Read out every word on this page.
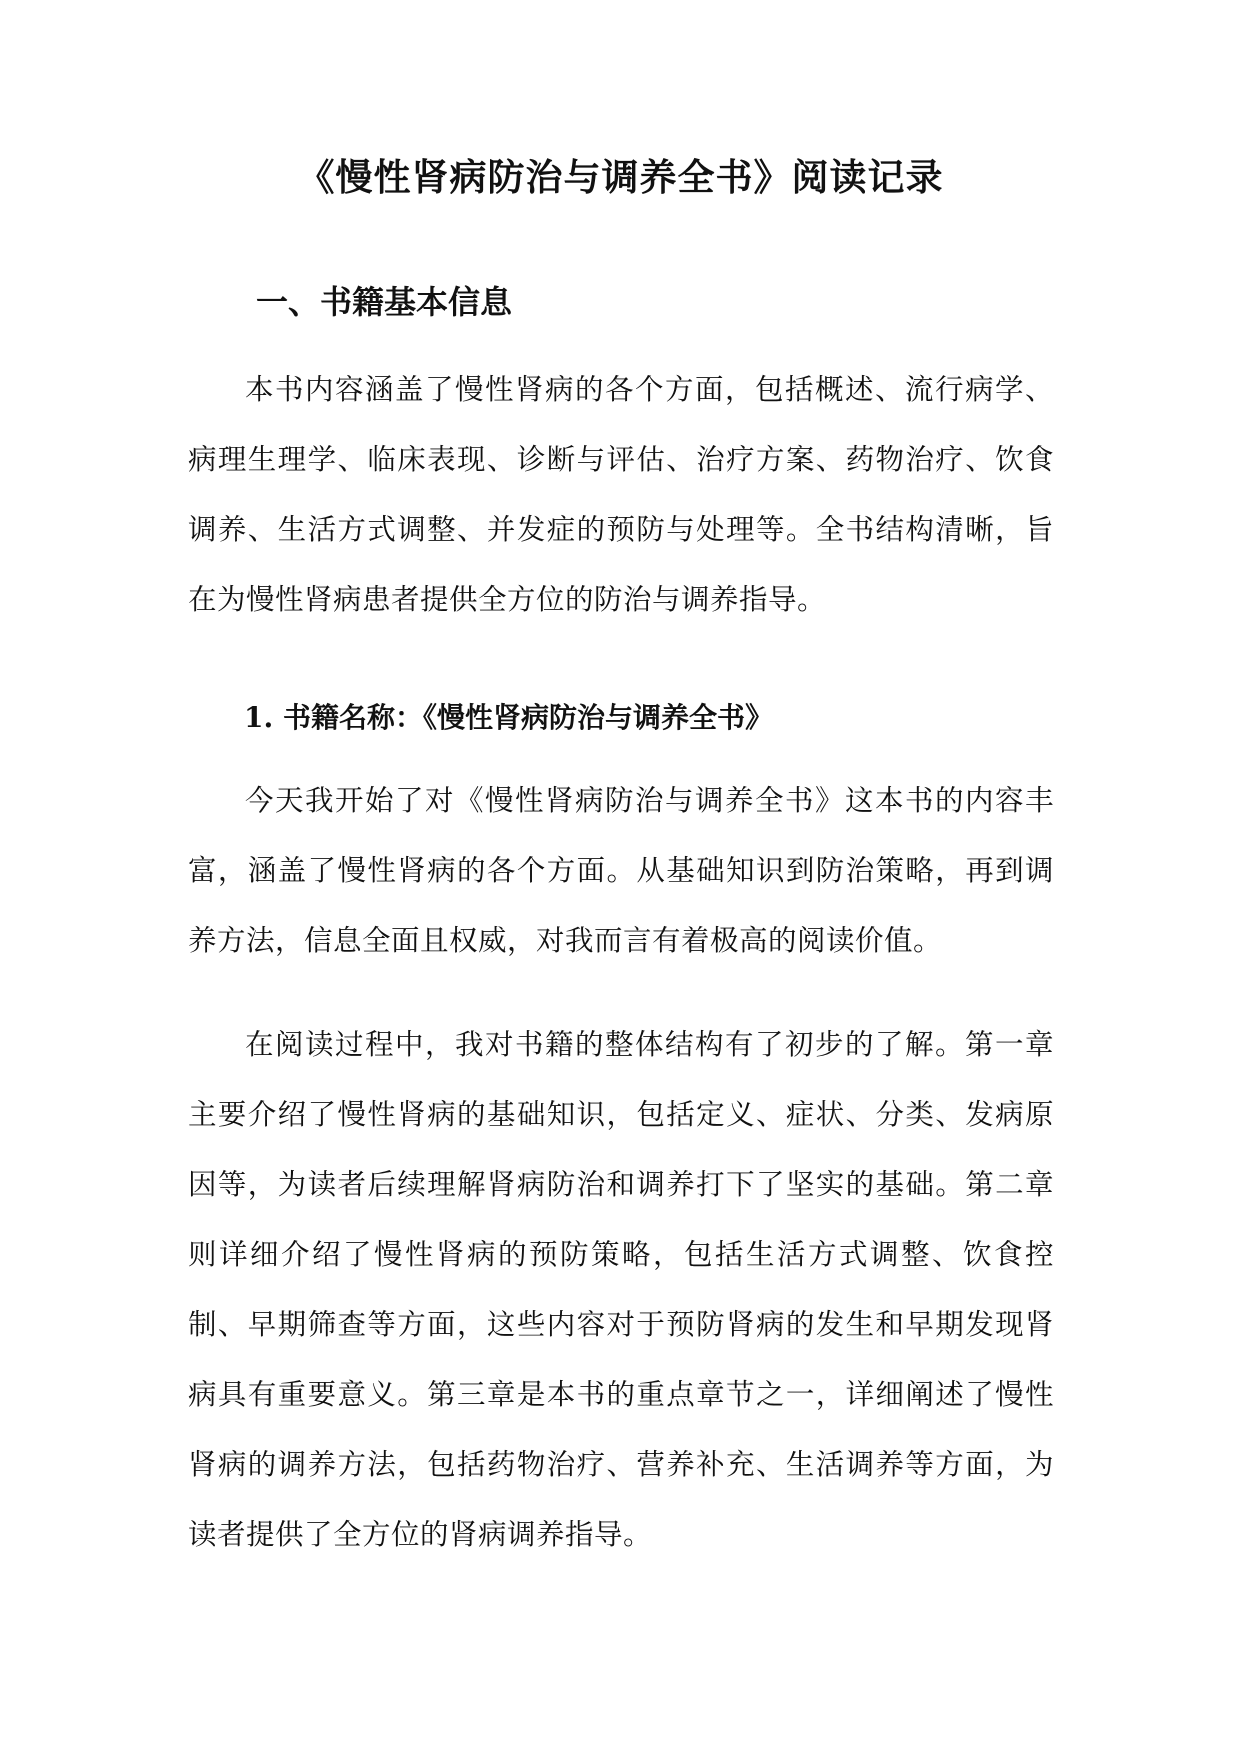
《慢性肾病防治与调养全书》阅读记录
一、书籍基本信息

本书内容涵盖了慢性肾病的各个方面，包括概述、流行病学、病理生理学、临床表现、诊断与评估、治疗方案、药物治疗、饮食调养、生活方式调整、并发症的预防与处理等。全书结构清晰，旨在为慢性肾病患者提供全方位的防治与调养指导。

1. 书籍名称：《慢性肾病防治与调养全书》

今天我开始了对《慢性肾病防治与调养全书》这本书的内容丰富，涵盖了慢性肾病的各个方面。从基础知识到防治策略，再到调养方法，信息全面且权威，对我而言有着极高的阅读价值。

在阅读过程中，我对书籍的整体结构有了初步的了解。第一章主要介绍了慢性肾病的基础知识，包括定义、症状、分类、发病原因等，为读者后续理解肾病防治和调养打下了坚实的基础。第二章则详细介绍了慢性肾病的预防策略，包括生活方式调整、饮食控制、早期筛查等方面，这些内容对于预防肾病的发生和早期发现肾病具有重要意义。第三章是本书的重点章节之一，详细阐述了慢性肾病的调养方法，包括药物治疗、营养补充、生活调养等方面，为读者提供了全方位的肾病调养指导。
